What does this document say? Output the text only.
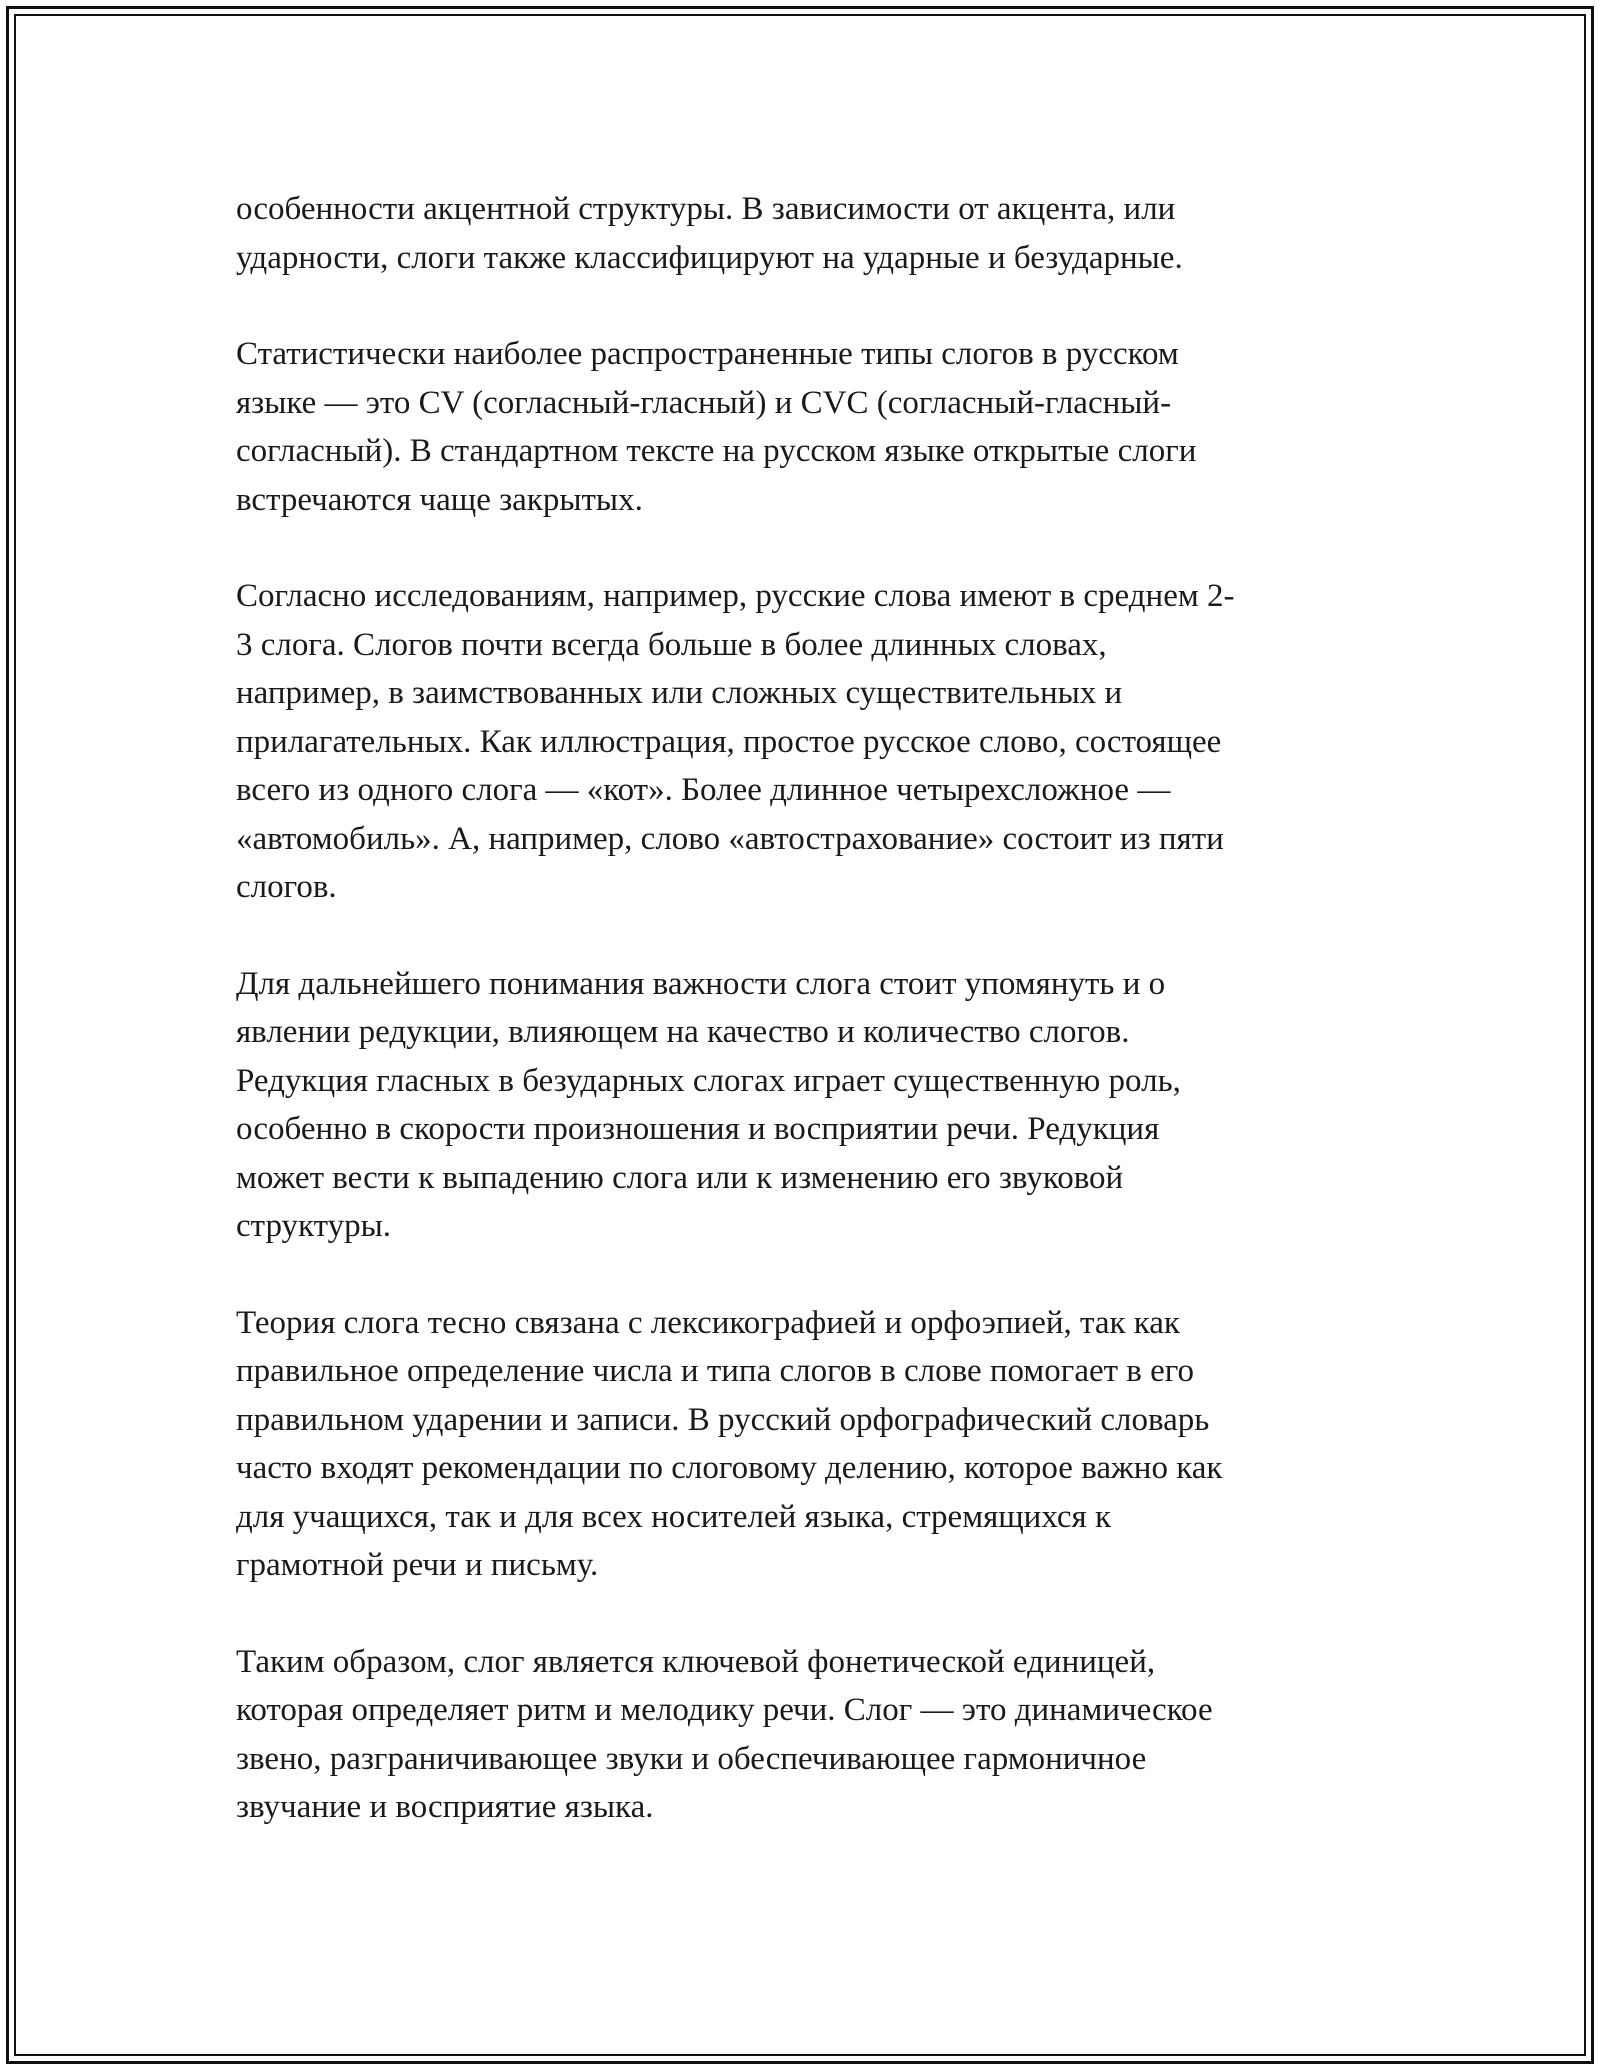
особенности акцентной структуры. В зависимости от акцента, или
ударности, слоги также классифицируют на ударные и безударные.

Статистически наиболее распространенные типы слогов в русском
языке — это CV (согласный-гласный) и CVC (согласный-гласный-
согласный). В стандартном тексте на русском языке открытые слоги
встречаются чаще закрытых.

Согласно исследованиям, например, русские слова имеют в среднем 2-
3 слога. Слогов почти всегда больше в более длинных словах,
например, в заимствованных или сложных существительных и
прилагательных. Как иллюстрация, простое русское слово, состоящее
всего из одного слога — «кот». Более длинное четырехсложное —
«автомобиль». А, например, слово «автострахование» состоит из пяти
слогов.

Для дальнейшего понимания важности слога стоит упомянуть и о
явлении редукции, влияющем на качество и количество слогов.
Редукция гласных в безударных слогах играет существенную роль,
особенно в скорости произношения и восприятии речи. Редукция
может вести к выпадению слога или к изменению его звуковой
структуры.

Теория слога тесно связана с лексикографией и орфоэпией, так как
правильное определение числа и типа слогов в слове помогает в его
правильном ударении и записи. В русский орфографический словарь
часто входят рекомендации по слоговому делению, которое важно как
для учащихся, так и для всех носителей языка, стремящихся к
грамотной речи и письму.

Таким образом, слог является ключевой фонетической единицей,
которая определяет ритм и мелодику речи. Слог — это динамическое
звено, разграничивающее звуки и обеспечивающее гармоничное
звучание и восприятие языка.
